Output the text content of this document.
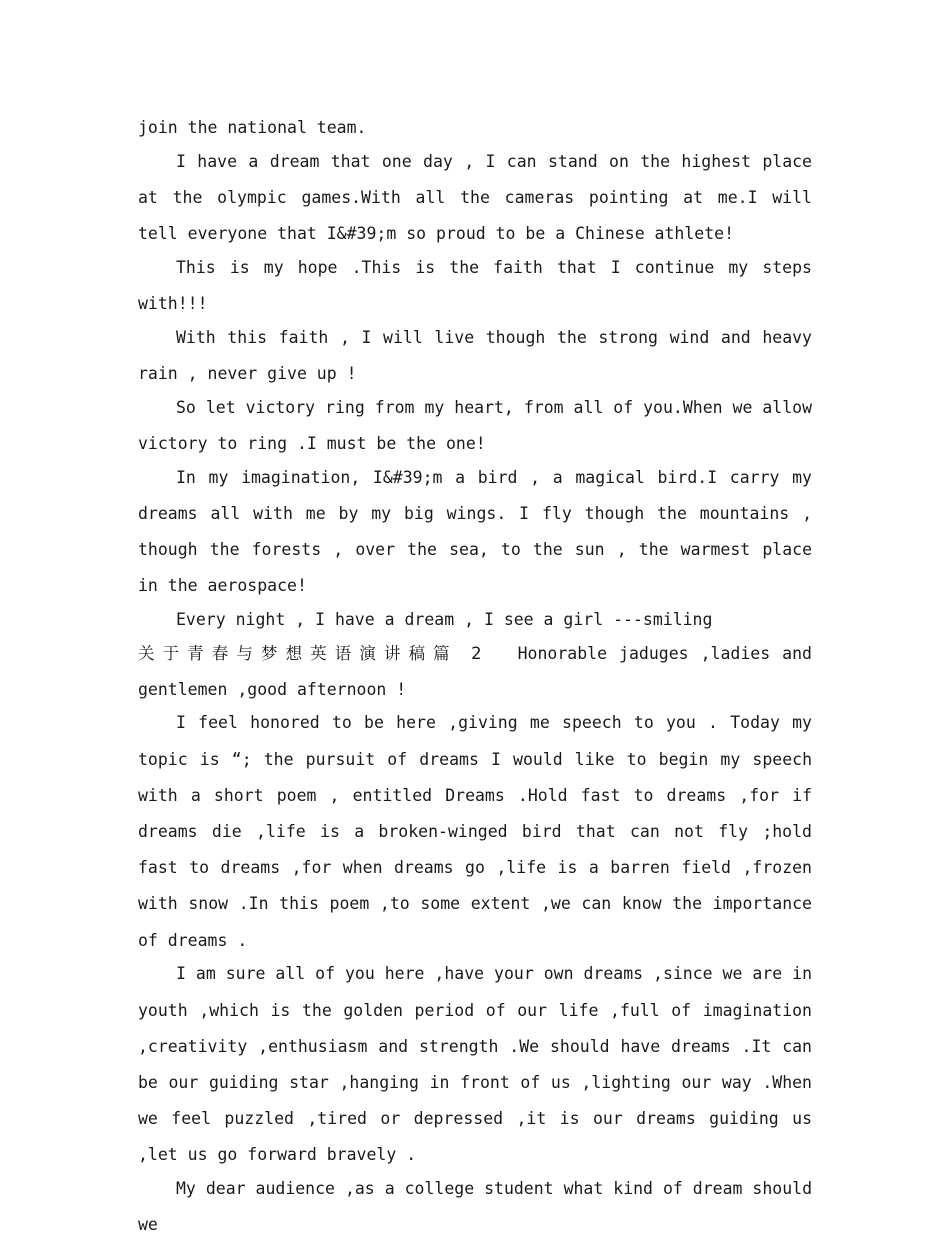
join the national team.

I have a dream that one day , I can stand on the highest place at the olympic games.With all the cameras pointing at me.I will tell everyone that I&#39;m so proud to be a Chinese athlete!

This is my hope .This is the faith that I continue my steps with!!!

With this faith , I will live though the strong wind and heavy rain , never give up !

So let victory ring from my heart, from all of you.When we allow victory to ring .I must be the one!

In my imagination, I&#39;m a bird , a magical bird.I carry my dreams all with me by my big wings. I fly though the mountains , though the forests , over the sea, to the sun , the warmest place in the aerospace!

Every night , I have a dream , I see a girl ---smiling

关于青春与梦想英语演讲稿篇 2 Honorable jaduges ,ladies and gentlemen ,good afternoon !

I feel honored to be here ,giving me speech to you . Today my topic is “; the pursuit of dreams I would like to begin my speech with a short poem , entitled Dreams .Hold fast to dreams ,for if dreams die ,life is a broken-winged bird that can not fly ;hold fast to dreams ,for when dreams go ,life is a barren field ,frozen with snow .In this poem ,to some extent ,we can know the importance of dreams .

I am sure all of you here ,have your own dreams ,since we are in youth ,which is the golden period of our life ,full of imagination ,creativity ,enthusiasm and strength .We should have dreams .It can be our guiding star ,hanging in front of us ,lighting our way .When we feel puzzled ,tired or depressed ,it is our dreams guiding us ,let us go forward bravely .

My dear audience ,as a college student what kind of dream should we
